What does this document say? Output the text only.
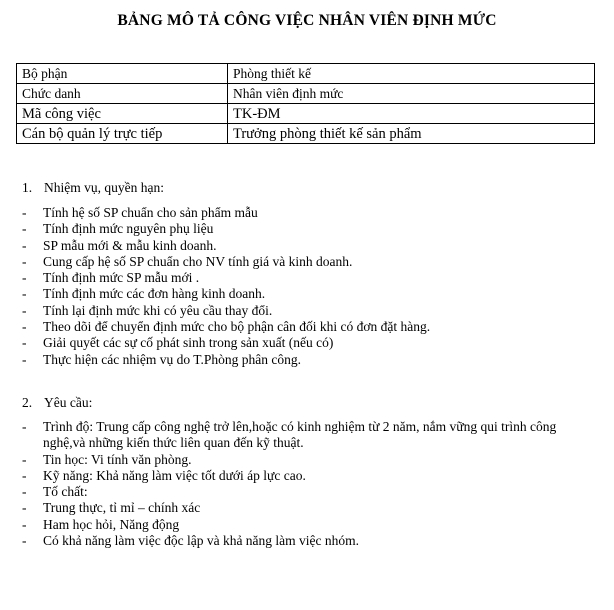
BẢNG MÔ TẢ CÔNG VIỆC NHÂN VIÊN ĐỊNH MỨC
Bộ phận	Phòng thiết kế
Chức danh	Nhân viên định mức
Mã công việc	TK-ĐM
Cán bộ quản lý trực tiếp	Trưởng phòng thiết kế sản phẩm
1. Nhiệm vụ, quyền hạn:
- Tính hệ số SP chuẩn cho sản phẩm mẫu
- Tính định mức nguyên phụ liệu
- SP mẫu mới & mẫu kinh doanh.
- Cung cấp hệ số SP chuẩn cho NV tính giá và kinh doanh.
- Tính định mức SP mẫu mới .
- Tính định mức các đơn hàng kinh doanh.
- Tính lại định mức khi có yêu cầu thay đổi.
- Theo dõi để chuyển định mức cho bộ phận cân đối khi có đơn đặt hàng.
- Giải quyết các sự cố phát sinh trong sản xuất (nếu có)
- Thực hiện các nhiệm vụ do T.Phòng phân công.
2. Yêu cầu:
- Trình độ: Trung cấp công nghệ trở lên,hoặc có kinh nghiệm từ 2 năm, nắm vững qui trình công nghệ,và những kiến thức liên quan đến kỹ thuật.
- Tin học: Vi tính văn phòng.
- Kỹ năng: Khả năng làm việc tốt dưới áp lực cao.
- Tố chất:
- Trung thực, tỉ mỉ – chính xác
- Ham học hỏi, Năng động
- Có khả năng làm việc độc lập và khả năng làm việc nhóm.
